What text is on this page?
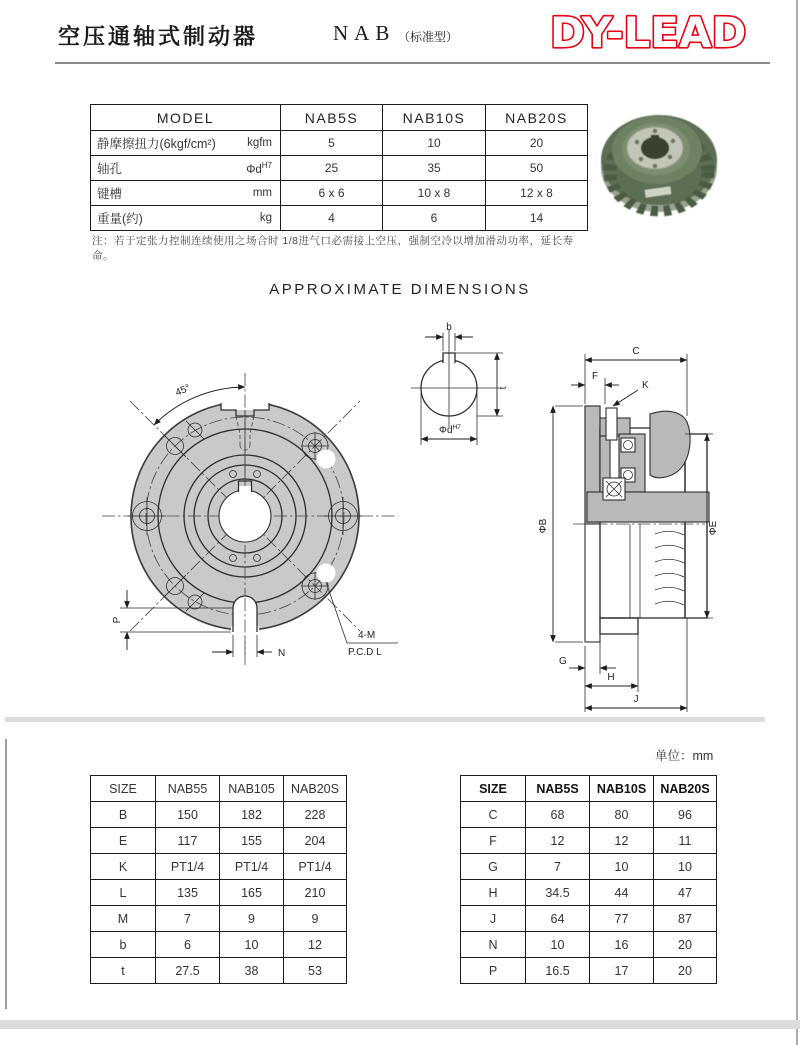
空压通轴式制动器	NAB （标准型） DY-LEAD
MODEL	NAB5S	NAB10S	NAB20S

静摩擦扭力(6kgf/cm²) kgfm	5	10	20

轴孔 $\Phi d^{H7}$	25	35	50

键槽 mm	6 x 6	10 x 8	12 x 8

重量(约) kg	4	6	14
注：若于定张力控制连续使用之场合时 1/8进气口必需接上空压，强制空冷以增加滑动功率，延长寿命。
APPROXIMATE DIMENSIONS
P
N
45°
4-M
P.C.D L
b
t
$\Phi d^{H7}$
C
F
K
ΦB	ΦE
G
H
J
单位：mm
SIZE	NAB55	NAB105	NAB20S
B	150	182	228
E	117	155	204
K	PT1/4	PT1/4	PT1/4
L	135	165	210
M	7	9	9
b	6	10	12
t	27.5	38	53
SIZE	NAB5S	NAB10S	NAB20S
C	68	80	96
F	12	12	11
G	7	10	10
H	34.5	44	47
J	64	77	87
N	10	16	20
P	16.5	17	20
